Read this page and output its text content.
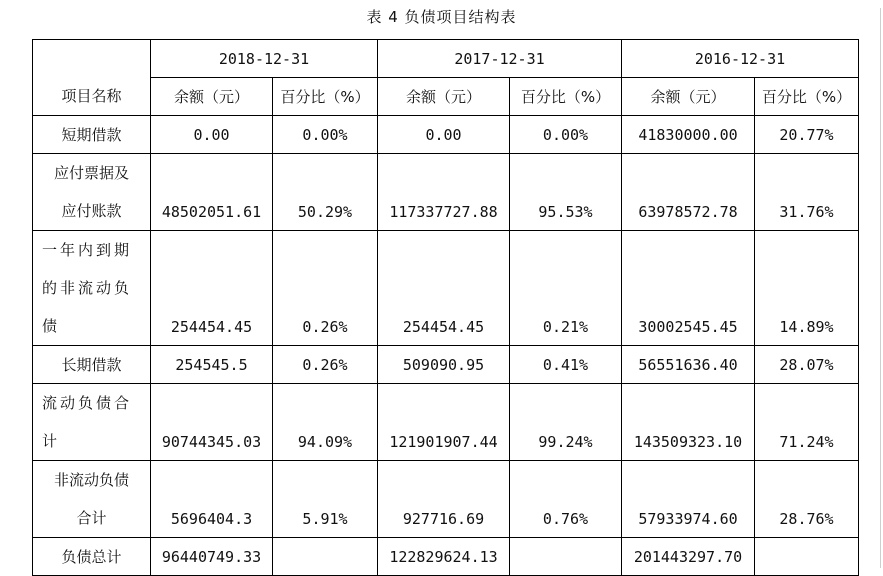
表 4 负债项目结构表
项目名称	2018-12-31		2017-12-31		2016-12-31	
	余额（元）	百分比（%）	余额（元）	百分比（%）	余额（元）	百分比（%）
短期借款	0.00	0.00%	0.00	0.00%	41830000.00	20.77%

应付票据及
应付账款	48502051.61	50.29%	117337727.88	95.53%	63978572.78	31.76%

一年内到期
的非流动负
债	254454.45	0.26%	254454.45	0.21%	30002545.45	14.89%
长期借款	254545.5	0.26%	509090.95	0.41%	56551636.40	28.07%

流动负债合
计	90744345.03	94.09%	121901907.44	99.24%	143509323.10	71.24%

非流动负债
合计	5696404.3	5.91%	927716.69	0.76%	57933974.60	28.76%
负债总计	96440749.33		122829624.13		201443297.70	
